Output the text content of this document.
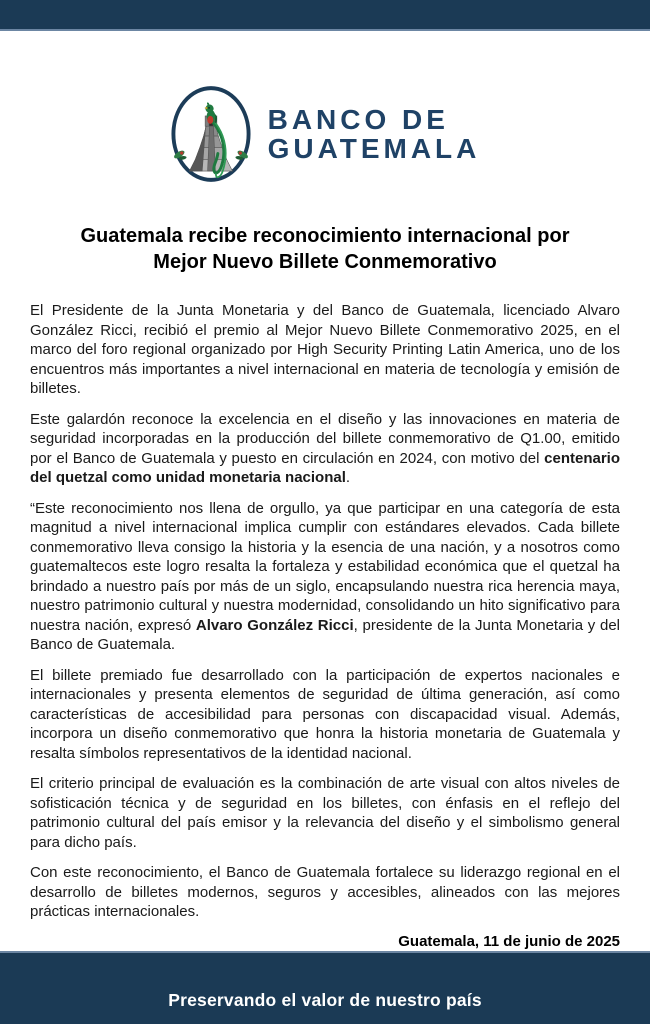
BANCO DE
GUATEMALA
Guatemala recibe reconocimiento internacional por
Mejor Nuevo Billete Conmemorativo

El Presidente de la Junta Monetaria y del Banco de Guatemala, licenciado Alvaro González Ricci, recibió el premio al Mejor Nuevo Billete Conmemorativo 2025, en el marco del foro regional organizado por High Security Printing Latin America, uno de los encuentros más importantes a nivel internacional en materia de tecnología y emisión de billetes.

Este galardón reconoce la excelencia en el diseño y las innovaciones en materia de seguridad incorporadas en la producción del billete conmemorativo de Q1.00, emitido por el Banco de Guatemala y puesto en circulación en 2024, con motivo del centenario del quetzal como unidad monetaria nacional.

“Este reconocimiento nos llena de orgullo, ya que participar en una categoría de esta magnitud a nivel internacional implica cumplir con estándares elevados. Cada billete conmemorativo lleva consigo la historia y la esencia de una nación, y a nosotros como guatemaltecos este logro resalta la fortaleza y estabilidad económica que el quetzal ha brindado a nuestro país por más de un siglo, encapsulando nuestra rica herencia maya, nuestro patrimonio cultural y nuestra modernidad, consolidando un hito significativo para nuestra nación, expresó Alvaro González Ricci, presidente de la Junta Monetaria y del Banco de Guatemala.

El billete premiado fue desarrollado con la participación de expertos nacionales e internacionales y presenta elementos de seguridad de última generación, así como características de accesibilidad para personas con discapacidad visual. Además, incorpora un diseño conmemorativo que honra la historia monetaria de Guatemala y resalta símbolos representativos de la identidad nacional.

El criterio principal de evaluación es la combinación de arte visual con altos niveles de sofisticación técnica y de seguridad en los billetes, con énfasis en el reflejo del patrimonio cultural del país emisor y la relevancia del diseño y el simbolismo general para dicho país.

Con este reconocimiento, el Banco de Guatemala fortalece su liderazgo regional en el desarrollo de billetes modernos, seguros y accesibles, alineados con las mejores prácticas internacionales.

Guatemala, 11 de junio de 2025
Preservando el valor de nuestro país
